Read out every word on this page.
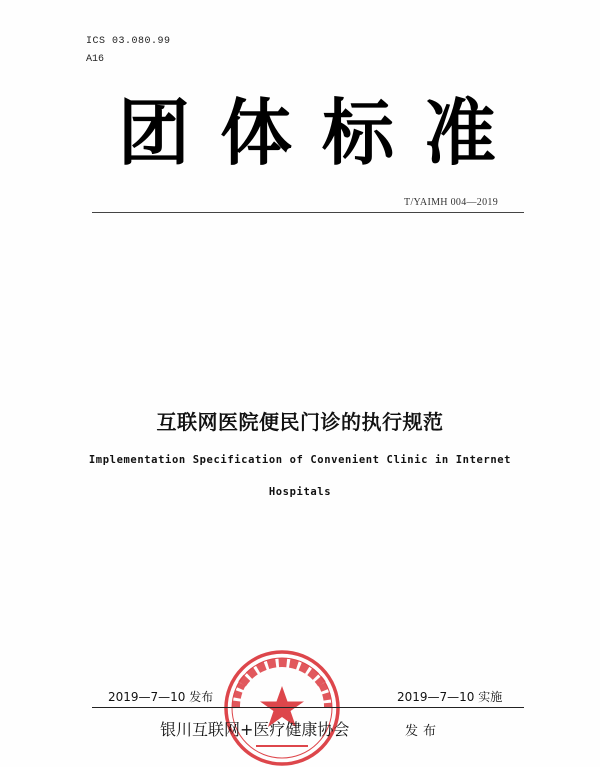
ICS 03.080.99
A16
团体标准
T/YAIMH 004—2019
互联网医院便民门诊的执行规范
Implementation Specification of Convenient Clinic in Internet
Hospitals
2019—7—10 发布	2019—7—10 实施
银川互联网+医疗健康协会	发布
